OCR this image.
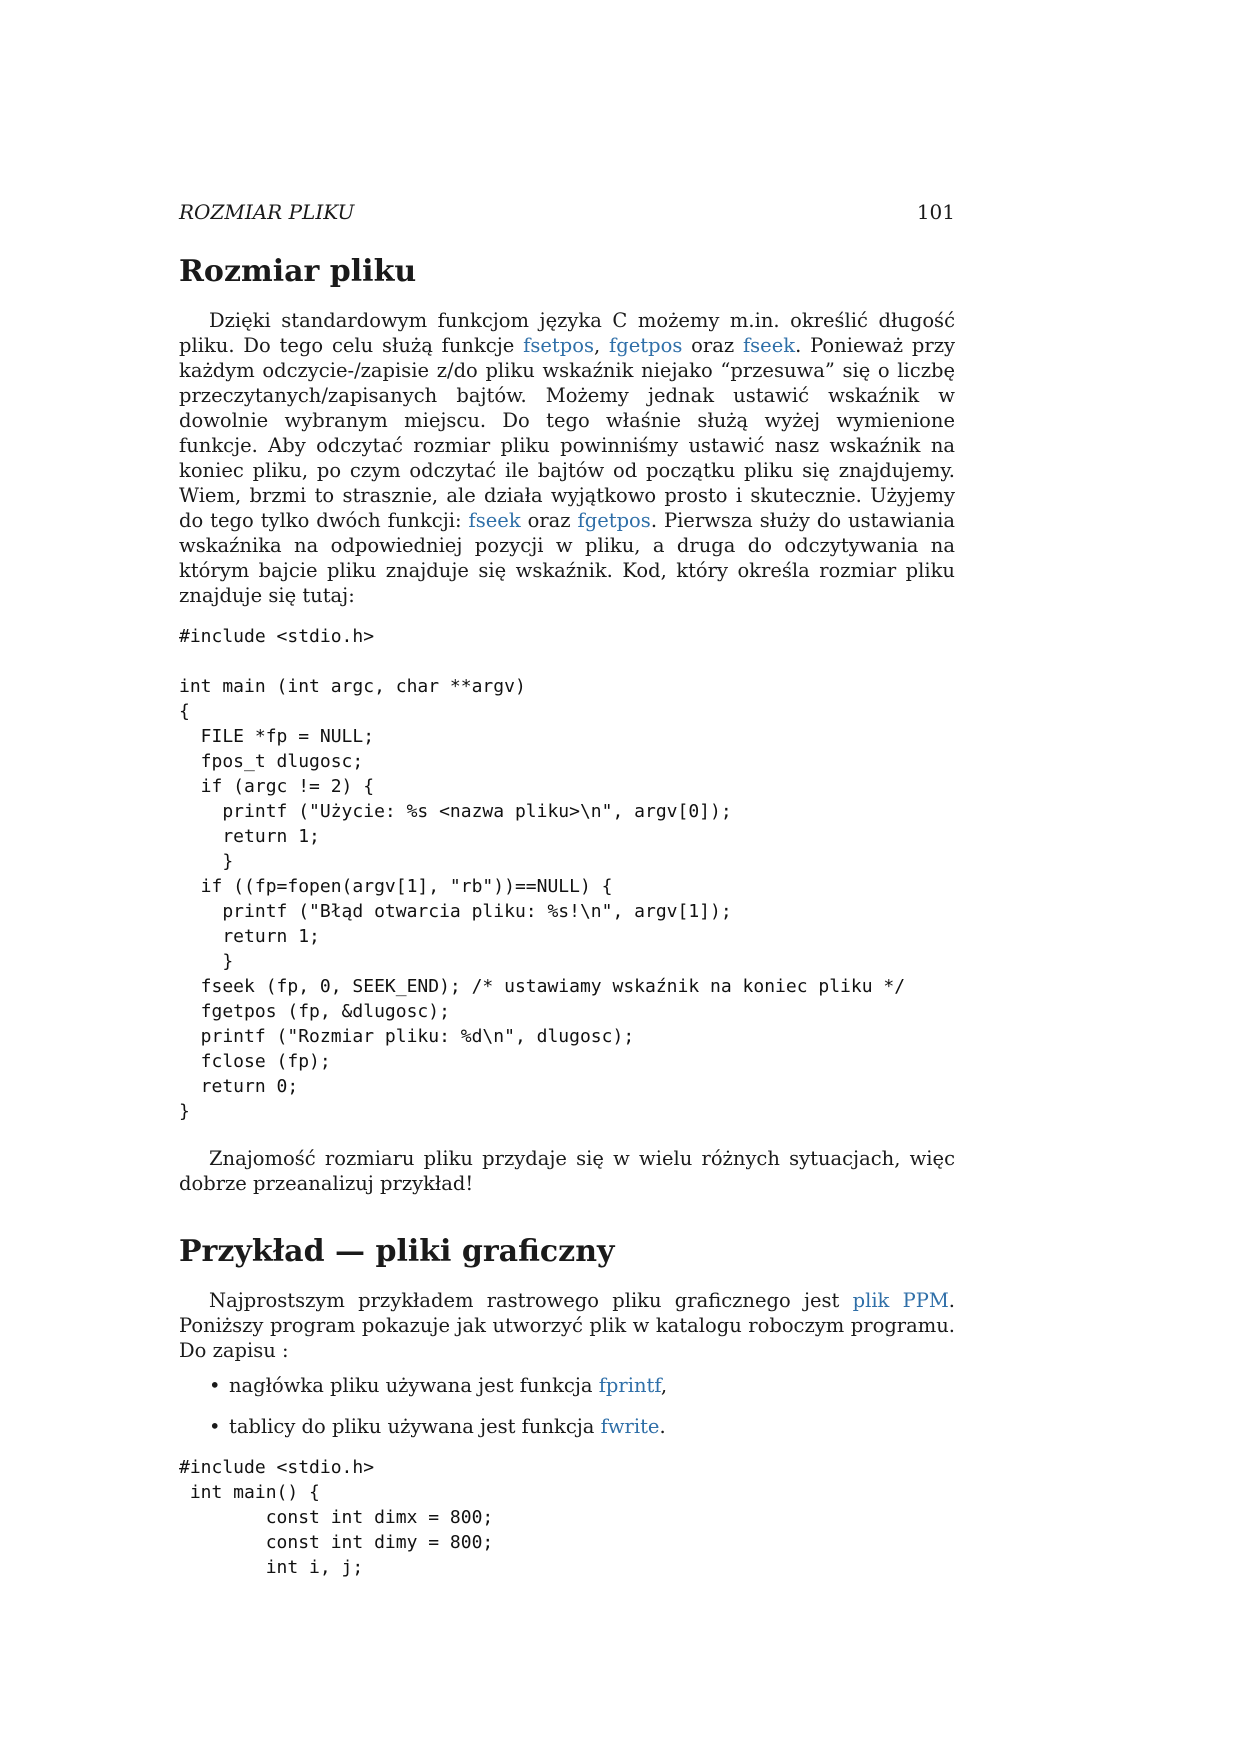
ROZMIAR PLIKU	101
Rozmiar pliku

Dzięki standardowym funkcjom języka C możemy m.in. określić długość pliku. Do tego celu służą funkcje fsetpos, fgetpos oraz fseek. Ponieważ przy każdym odczycie-/zapisie z/do pliku wskaźnik niejako “przesuwa” się o liczbę przeczytanych/zapisanych bajtów. Możemy jednak ustawić wskaźnik w dowolnie wybranym miejscu. Do tego właśnie służą wyżej wymienione funkcje. Aby odczytać rozmiar pliku powinniśmy ustawić nasz wskaźnik na koniec pliku, po czym odczytać ile bajtów od początku pliku się znajdujemy. Wiem, brzmi to strasznie, ale działa wyjątkowo prosto i skutecznie. Użyjemy do tego tylko dwóch funkcji: fseek oraz fgetpos. Pierwsza służy do ustawiania wskaźnika na odpowiedniej pozycji w pliku, a druga do odczytywania na którym bajcie pliku znajduje się wskaźnik. Kod, który określa rozmiar pliku znajduje się tutaj:

#include <stdio.h>

int main (int argc, char **argv)
{
FILE *fp = NULL;
fpos_t dlugosc;
if (argc != 2) {
printf ("Użycie: %s <nazwa pliku>\n", argv[0]);
return 1;
}
if ((fp=fopen(argv[1], "rb"))==NULL) {
printf ("Błąd otwarcia pliku: %s!\n", argv[1]);
return 1;
}
fseek (fp, 0, SEEK_END); /* ustawiamy wskaźnik na koniec pliku */
fgetpos (fp, &dlugosc);
printf ("Rozmiar pliku: %d\n", dlugosc);
fclose (fp);
return 0;
}

Znajomość rozmiaru pliku przydaje się w wielu różnych sytuacjach, więc dobrze przeanalizuj przykład!

Przykład — pliki graficzny

Najprostszym przykładem rastrowego pliku graficznego jest plik PPM. Poniższy program pokazuje jak utworzyć plik w katalogu roboczym programu. Do zapisu :

• nagłówka pliku używana jest funkcja fprintf,
• tablicy do pliku używana jest funkcja fwrite.
#include <stdio.h>
int main() {
const int dimx = 800;
const int dimy = 800;
int i, j;
